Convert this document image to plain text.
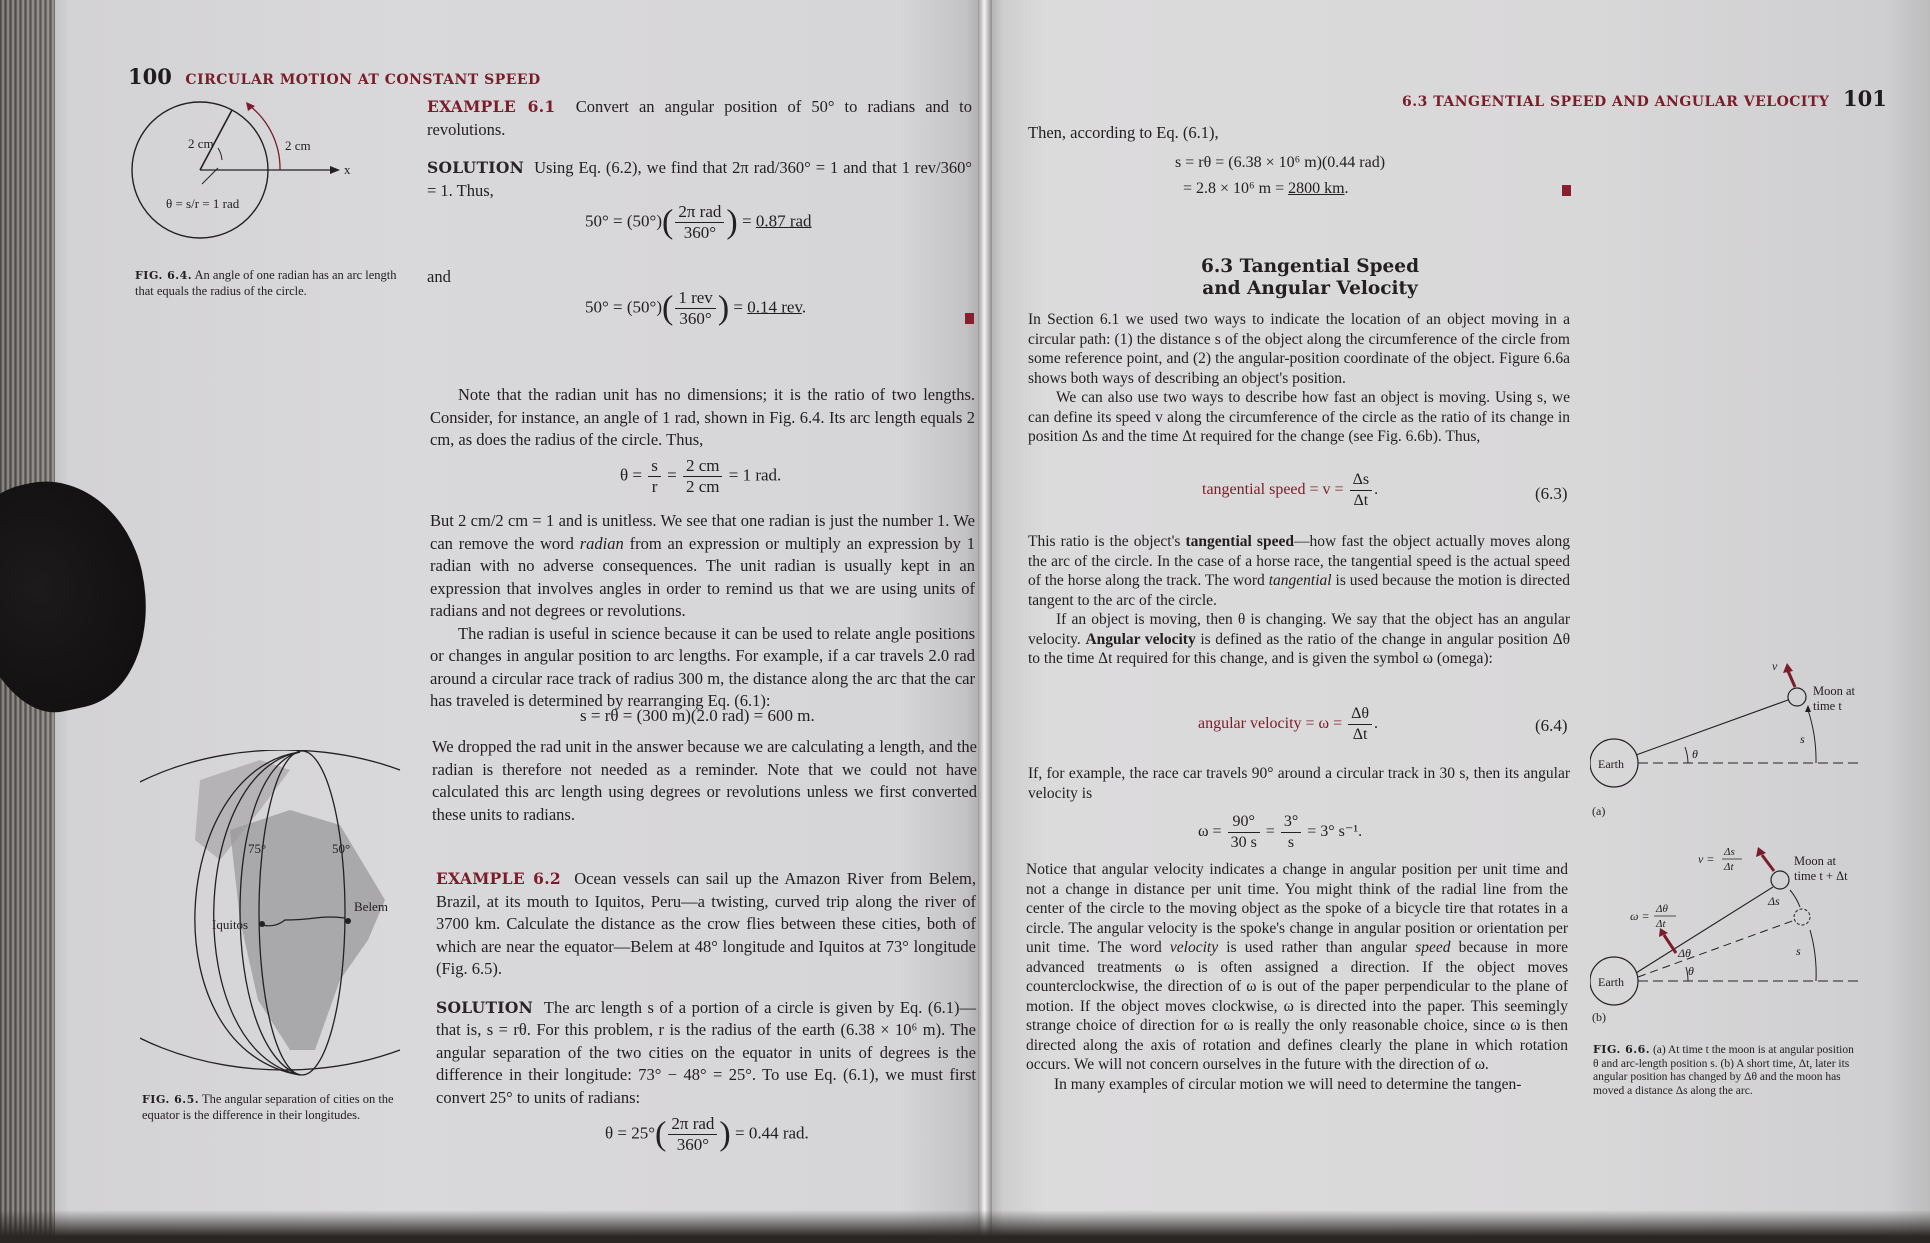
100 CIRCULAR MOTION AT CONSTANT SPEED
2 cm	2 cm
x
θ = s/r = 1 rad
FIG. 6.4. An angle of one radian has an arc length that equals the radius of the circle.

EXAMPLE 6.1 Convert an angular position of 50° to radians and to revolutions.

SOLUTION Using Eq. (6.2), we find that 2π rad/360° = 1 and that 1 rev/360° = 1. Thus,

$50^\circ = (50^\circ)( \frac{\text{2π rad}}{360^\circ}$ ) = 0.87 rad
and
$50^\circ = (50^\circ)( \frac{\text{1 rev}}{360^\circ}$ ) = 0.14 rev.

Note that the radian unit has no dimensions; it is the ratio of two lengths. Consider, for instance, an angle of 1 rad, shown in Fig. 6.4. Its arc length equals 2 cm, as does the radius of the circle. Thus,

$\theta = \frac{s}{r} = \frac{2 cm}{2 cm} = 1$ rad.

But 2 cm/2 cm = 1 and is unitless. We see that one radian is just the number 1. We can remove the word radian from an expression or multiply an expression by 1 radian with no adverse consequences. The unit radian is usually kept in an expression that involves angles in order to remind us that we are using units of radians and not degrees or revolutions.

The radian is useful in science because it can be used to relate angle positions or changes in angular position to arc lengths. For example, if a car travels 2.0 rad around a circular race track of radius 300 m, the distance along the arc that the car has traveled is determined by rearranging Eq. (6.1):

s = rθ = (300 m)(2.0 rad) = 600 m.

We dropped the rad unit in the answer because we are calculating a length, and the radian is therefore not needed as a reminder. Note that we could not have calculated this arc length using degrees or revolutions unless we first converted these units to radians.

EXAMPLE 6.2 Ocean vessels can sail up the Amazon River from Belem, Brazil, at its mouth to Iquitos, Peru—a twisting, curved trip along the river of 3700 km. Calculate the distance as the crow flies between these cities, both of which are near the equator—Belem at 48° longitude and Iquitos at 73° longitude (Fig. 6.5).

SOLUTION The arc length s of a portion of a circle is given by Eq. (6.1)—that is, s = rθ. For this problem, r is the radius of the earth (6.38 × 10⁶ m). The angular separation of the two cities on the equator in units of degrees is the difference in their longitude: 73° − 48° = 25°. To use Eq. (6.1), we must first convert 25° to units of radians:

$\theta = 25^\circ( \frac{\text{2π rad}}{360^\circ}$ ) = 0.44 rad.
75°	50°
Iquitos
Belem
FIG. 6.5. The angular separation of cities on the equator is the difference in their longitudes.
6.3 TANGENTIAL SPEED AND ANGULAR VELOCITY 101
Then, according to Eq. (6.1),
s = rθ = (6.38 × 10⁶ m)(0.44 rad)
= 2.8 × 10⁶ m = 2800 km.
6.3 Tangential Speed
and Angular Velocity

In Section 6.1 we used two ways to indicate the location of an object moving in a circular path: (1) the distance s of the object along the circumference of the circle from some reference point, and (2) the angular-position coordinate of the object. Figure 6.6a shows both ways of describing an object's position.

We can also use two ways to describe how fast an object is moving. Using s, we can define its speed v along the circumference of the circle as the ratio of its change in position Δs and the time Δt required for the change (see Fig. 6.6b). Thus,

tangential speed = $v = \frac{\Delta s}{\Delta t}$ .	(6.3)

This ratio is the object's tangential speed—how fast the object actually moves along the arc of the circle. In the case of a horse race, the tangential speed is the actual speed of the horse along the track. The word tangential is used because the motion is directed tangent to the arc of the circle.

If an object is moving, then θ is changing. We say that the object has an angular velocity. Angular velocity is defined as the ratio of the change in angular position Δθ to the time Δt required for this change, and is given the symbol ω (omega):

angular velocity = $\omega = \frac{\Delta\theta}{\Delta t}$ .	(6.4)

If, for example, the race car travels 90° around a circular track in 30 s, then its angular velocity is

$\omega = \frac{90^\circ}{30 s} = \frac{3^\circ}{s} = 3^\circ$ s⁻¹.

Notice that angular velocity indicates a change in angular position per unit time and not a change in distance per unit time. You might think of the radial line from the center of the circle to the moving object as the spoke of a bicycle tire that rotates in a circle. The angular velocity is the spoke's change in angular position or orientation per unit time. The word velocity is used rather than angular speed because in more advanced treatments ω is often assigned a direction. If the object moves counterclockwise, the direction of ω is out of the paper perpendicular to the plane of motion. If the object moves clockwise, ω is directed into the paper. This seemingly strange choice of direction for ω is really the only reasonable choice, since ω is then directed along the axis of rotation and defines clearly the plane in which rotation occurs. We will not concern ourselves in the future with the direction of ω.

In many examples of circular motion we will need to determine the tangen-

Earth
Moon at
time t
v
θ
s
(a)
Earth
Moon at
time t + Δt
v = Δs
Δt
ω = Δθ
Δt
Δθ
θ
Δs
s
(b)
FIG. 6.6. (a) At time t the moon is at angular position θ and arc-length position s. (b) A short time, Δt, later its angular position has changed by Δθ and the moon has moved a distance Δs along the arc.
